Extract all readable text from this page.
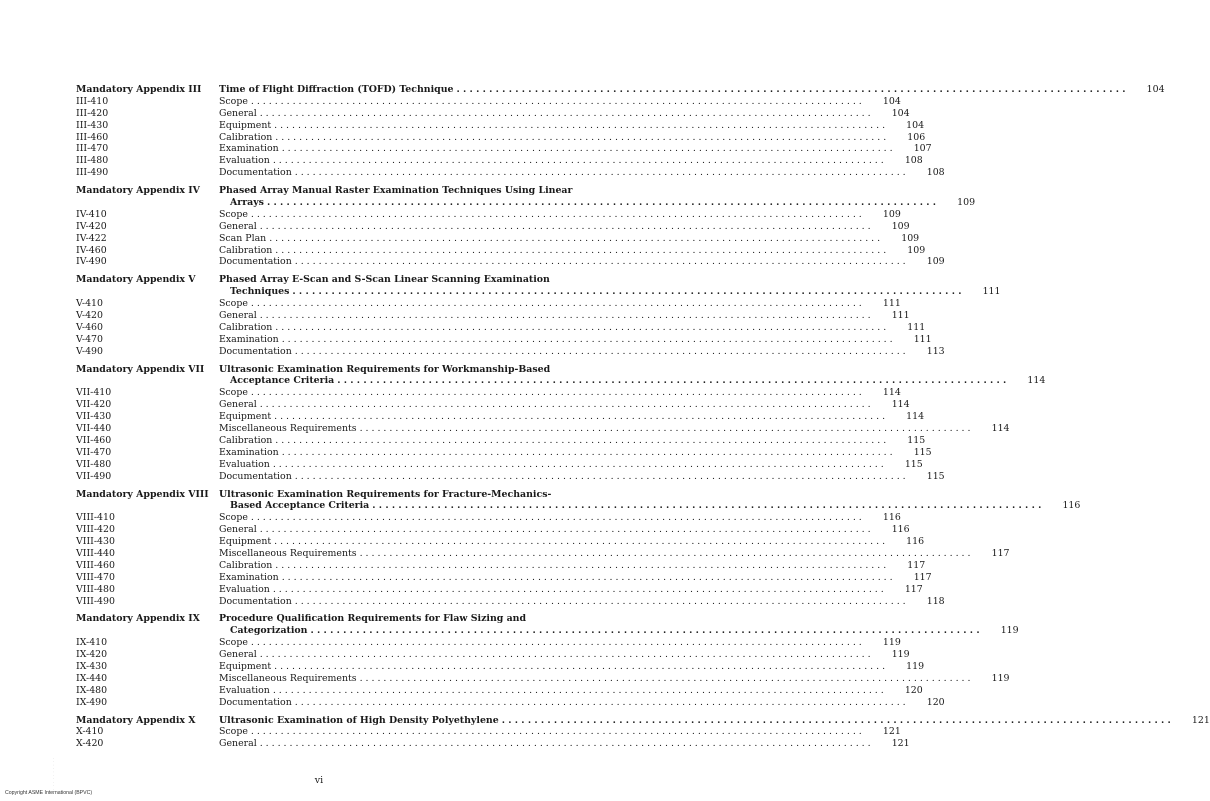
Mandatory Appendix III	Time of Flight Diffraction (TOFD) Technique . . .	104
III-410	Scope . . .	104
III-420	General . . .	104
III-430	Equipment . . .	104
III-460	Calibration . . .	106
III-470	Examination . . .	107
III-480	Evaluation . . .	108
III-490	Documentation . . .	108
Mandatory Appendix IV	Phased Array Manual Raster Examination Techniques Using Linear
Arrays . . .	109
IV-410	Scope . . .	109
IV-420	General . . .	109
IV-422	Scan Plan . . .	109
IV-460	Calibration . . .	109
IV-490	Documentation . . .	109
Mandatory Appendix V	Phased Array E-Scan and S-Scan Linear Scanning Examination
Techniques . . .	111
V-410	Scope . . .	111
V-420	General . . .	111
V-460	Calibration . . .	111
V-470	Examination . . .	111
V-490	Documentation . . .	113
Mandatory Appendix VII	Ultrasonic Examination Requirements for Workmanship-Based
Acceptance Criteria . . .	114
VII-410	Scope . . .	114
VII-420	General . . .	114
VII-430	Equipment . . .	114
VII-440	Miscellaneous Requirements . . .	114
VII-460	Calibration . . .	115
VII-470	Examination . . .	115
VII-480	Evaluation . . .	115
VII-490	Documentation . . .	115
Mandatory Appendix VIII	Ultrasonic Examination Requirements for Fracture-Mechanics-
Based Acceptance Criteria . . .	116
VIII-410	Scope . . .	116
VIII-420	General . . .	116
VIII-430	Equipment . . .	116
VIII-440	Miscellaneous Requirements . . .	117
VIII-460	Calibration . . .	117
VIII-470	Examination . . .	117
VIII-480	Evaluation . . .	117
VIII-490	Documentation . . .	118
Mandatory Appendix IX	Procedure Qualification Requirements for Flaw Sizing and
Categorization . . .	119
IX-410	Scope . . .	119
IX-420	General . . .	119
IX-430	Equipment . . .	119
IX-440	Miscellaneous Requirements . . .	119
IX-480	Evaluation . . .	120
IX-490	Documentation . . .	120
Mandatory Appendix X	Ultrasonic Examination of High Density Polyethylene . . .	121
X-410	Scope . . .	121
X-420	General . . .	121
vi
Copyright ASME International (BPVC)
· · · · · · · · · · ·
